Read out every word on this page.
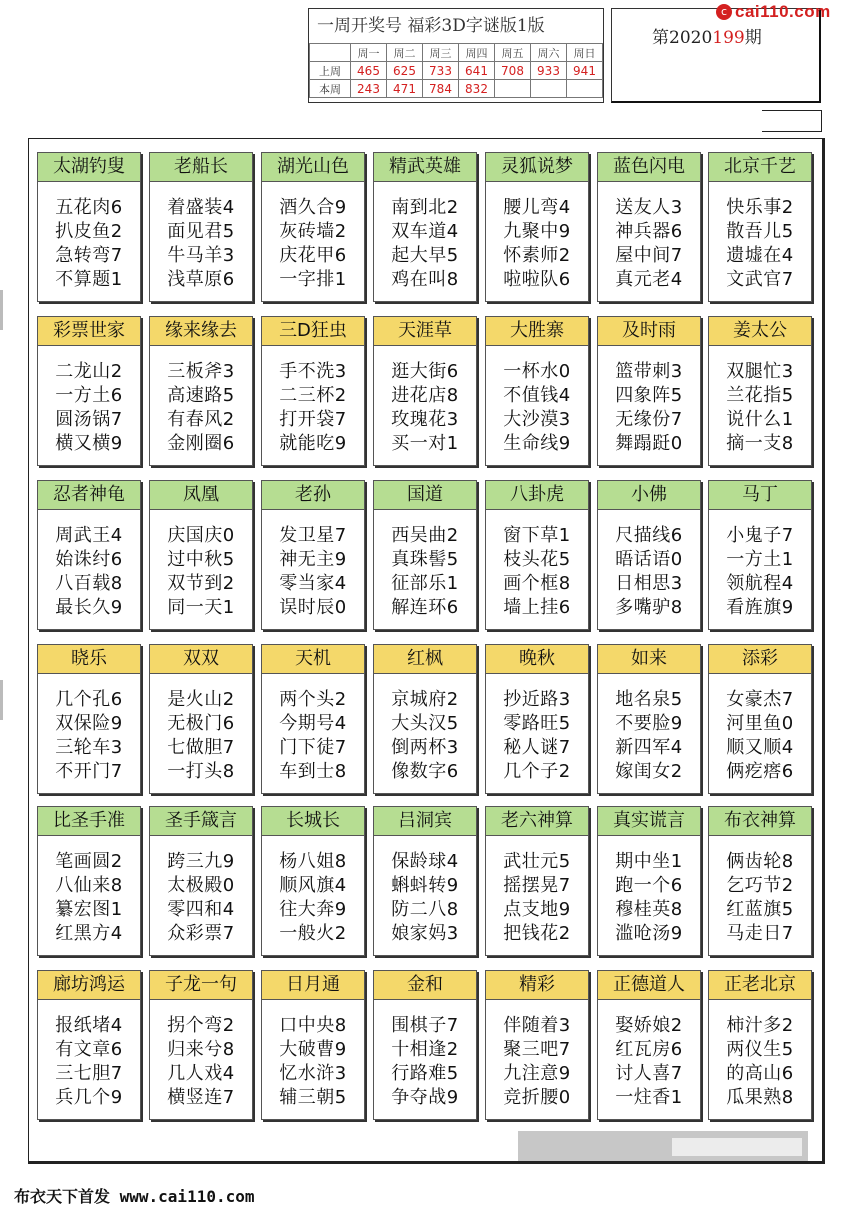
一周开奖号 福彩3D字谜版1版
	周一	周二	周三	周四	周五	周六	周日
上周	465	625	733	641	708	933	941
本周	243	471	784	832			
第2020199期
c cai110.com
太湖钓叟
五花肉6
扒皮鱼2
急转弯7
不算题1
老船长
着盛装4
面见君5
牛马羊3
浅草原6
湖光山色
酒久合9
灰砖墙2
庆花甲6
一字排1
精武英雄
南到北2
双车道4
起大早5
鸡在叫8
灵狐说梦
腰儿弯4
九聚中9
怀素师2
啦啦队6
蓝色闪电
送友人3
神兵器6
屋中间7
真元老4
北京千艺
快乐事2
散吾儿5
遗墟在4
文武官7
彩票世家
二龙山2
一方土6
圆汤锅7
横又横9
缘来缘去
三板斧3
高速路5
有春风2
金刚圈6
三D狂虫
手不洗3
二三杯2
打开袋7
就能吃9
天涯草
逛大街6
进花店8
玫瑰花3
买一对1
大胜寨
一杯水0
不值钱4
大沙漠3
生命线9
及时雨
篮带刺3
四象阵5
无缘份7
舞蹋跹0
姜太公
双腿忙3
兰花指5
说什么1
摘一支8
忍者神龟
周武王4
始诛纣6
八百载8
最长久9
凤凰
庆国庆0
过中秋5
双节到2
同一天1
老孙
发卫星7
神无主9
零当家4
误时辰0
国道
西吴曲2
真珠髻5
征部乐1
解连环6
八卦虎
窗下草1
枝头花5
画个框8
墙上挂6
小佛
尺描线6
晤话语0
日相思3
多嘴驴8
马丁
小鬼子7
一方土1
领航程4
看旌旗9
晓乐
几个孔6
双保险9
三轮车3
不开门7
双双
是火山2
无极门6
七做胆7
一打头8
天机
两个头2
今期号4
门下徒7
车到士8
红枫
京城府2
大头汉5
倒两杯3
像数字6
晚秋
抄近路3
零路旺5
秘人谜7
几个子2
如来
地名泉5
不要脸9
新四军4
嫁闺女2
添彩
女豪杰7
河里鱼0
顺又顺4
俩疙瘩6
比圣手准
笔画圆2
八仙来8
纂宏图1
红黑方4
圣手箴言
跨三九9
太极殿0
零四和4
众彩票7
长城长
杨八姐8
顺风旗4
往大奔9
一般火2
吕洞宾
保龄球4
蝌蚪转9
防二八8
娘家妈3
老六神算
武壮元5
摇摆晃7
点支地9
把钱花2
真实谎言
期中坐1
跑一个6
穆桂英8
滥呛汤9
布衣神算
俩齿轮8
乞巧节2
红蓝旗5
马走日7
廊坊鸿运
报纸堵4
有文章6
三七胆7
兵几个9
子龙一句
拐个弯2
归来兮8
几人戏4
横竖连7
日月通
口中央8
大破曹9
忆水浒3
辅三朝5
金和
围棋子7
十相逢2
行路难5
争夺战9
精彩
伴随着3
聚三吧7
九注意9
竞折腰0
正德道人
娶娇娘2
红瓦房6
讨人喜7
一炷香1
正老北京
柿汁多2
两仪生5
的高山6
瓜果熟8
布衣天下首发 www.cai110.com
